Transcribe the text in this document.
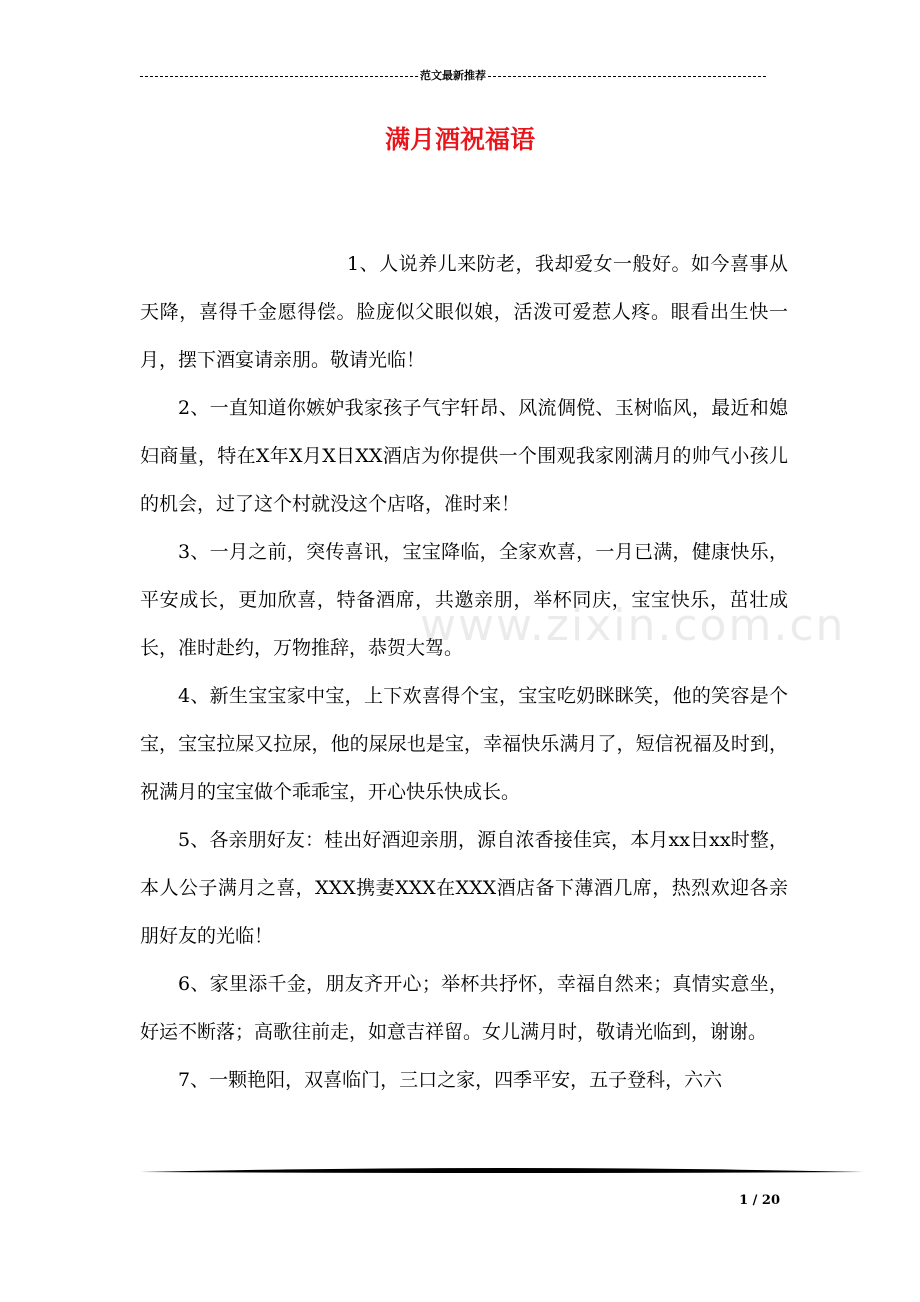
范文最新推荐
满月酒祝福语
www.zixin.com.cn

1、人说养儿来防老，我却爱女一般好。如今喜事从天降，喜得千金愿得偿。脸庞似父眼似娘，活泼可爱惹人疼。眼看出生快一月，摆下酒宴请亲朋。敬请光临！

2、一直知道你嫉妒我家孩子气宇轩昂、风流倜傥、玉树临风，最近和媳妇商量，特在X年X月X日XX酒店为你提供一个围观我家刚满月的帅气小孩儿的机会，过了这个村就没这个店咯，准时来！

3、一月之前，突传喜讯，宝宝降临，全家欢喜，一月已满，健康快乐，平安成长，更加欣喜，特备酒席，共邀亲朋，举杯同庆，宝宝快乐，茁壮成长，准时赴约，万物推辞，恭贺大驾。

4、新生宝宝家中宝，上下欢喜得个宝，宝宝吃奶眯眯笑，他的笑容是个宝，宝宝拉屎又拉尿，他的屎尿也是宝，幸福快乐满月了，短信祝福及时到，祝满月的宝宝做个乖乖宝，开心快乐快成长。

5、各亲朋好友：桂出好酒迎亲朋，源自浓香接佳宾，本月xx日xx时整，本人公子满月之喜，XXX携妻XXX在XXX酒店备下薄酒几席，热烈欢迎各亲朋好友的光临！

6、家里添千金，朋友齐开心；举杯共抒怀，幸福自然来；真情实意坐，好运不断落；高歌往前走，如意吉祥留。女儿满月时，敬请光临到，谢谢。

7、一颗艳阳，双喜临门，三口之家，四季平安，五子登科，六六

1 / 20
